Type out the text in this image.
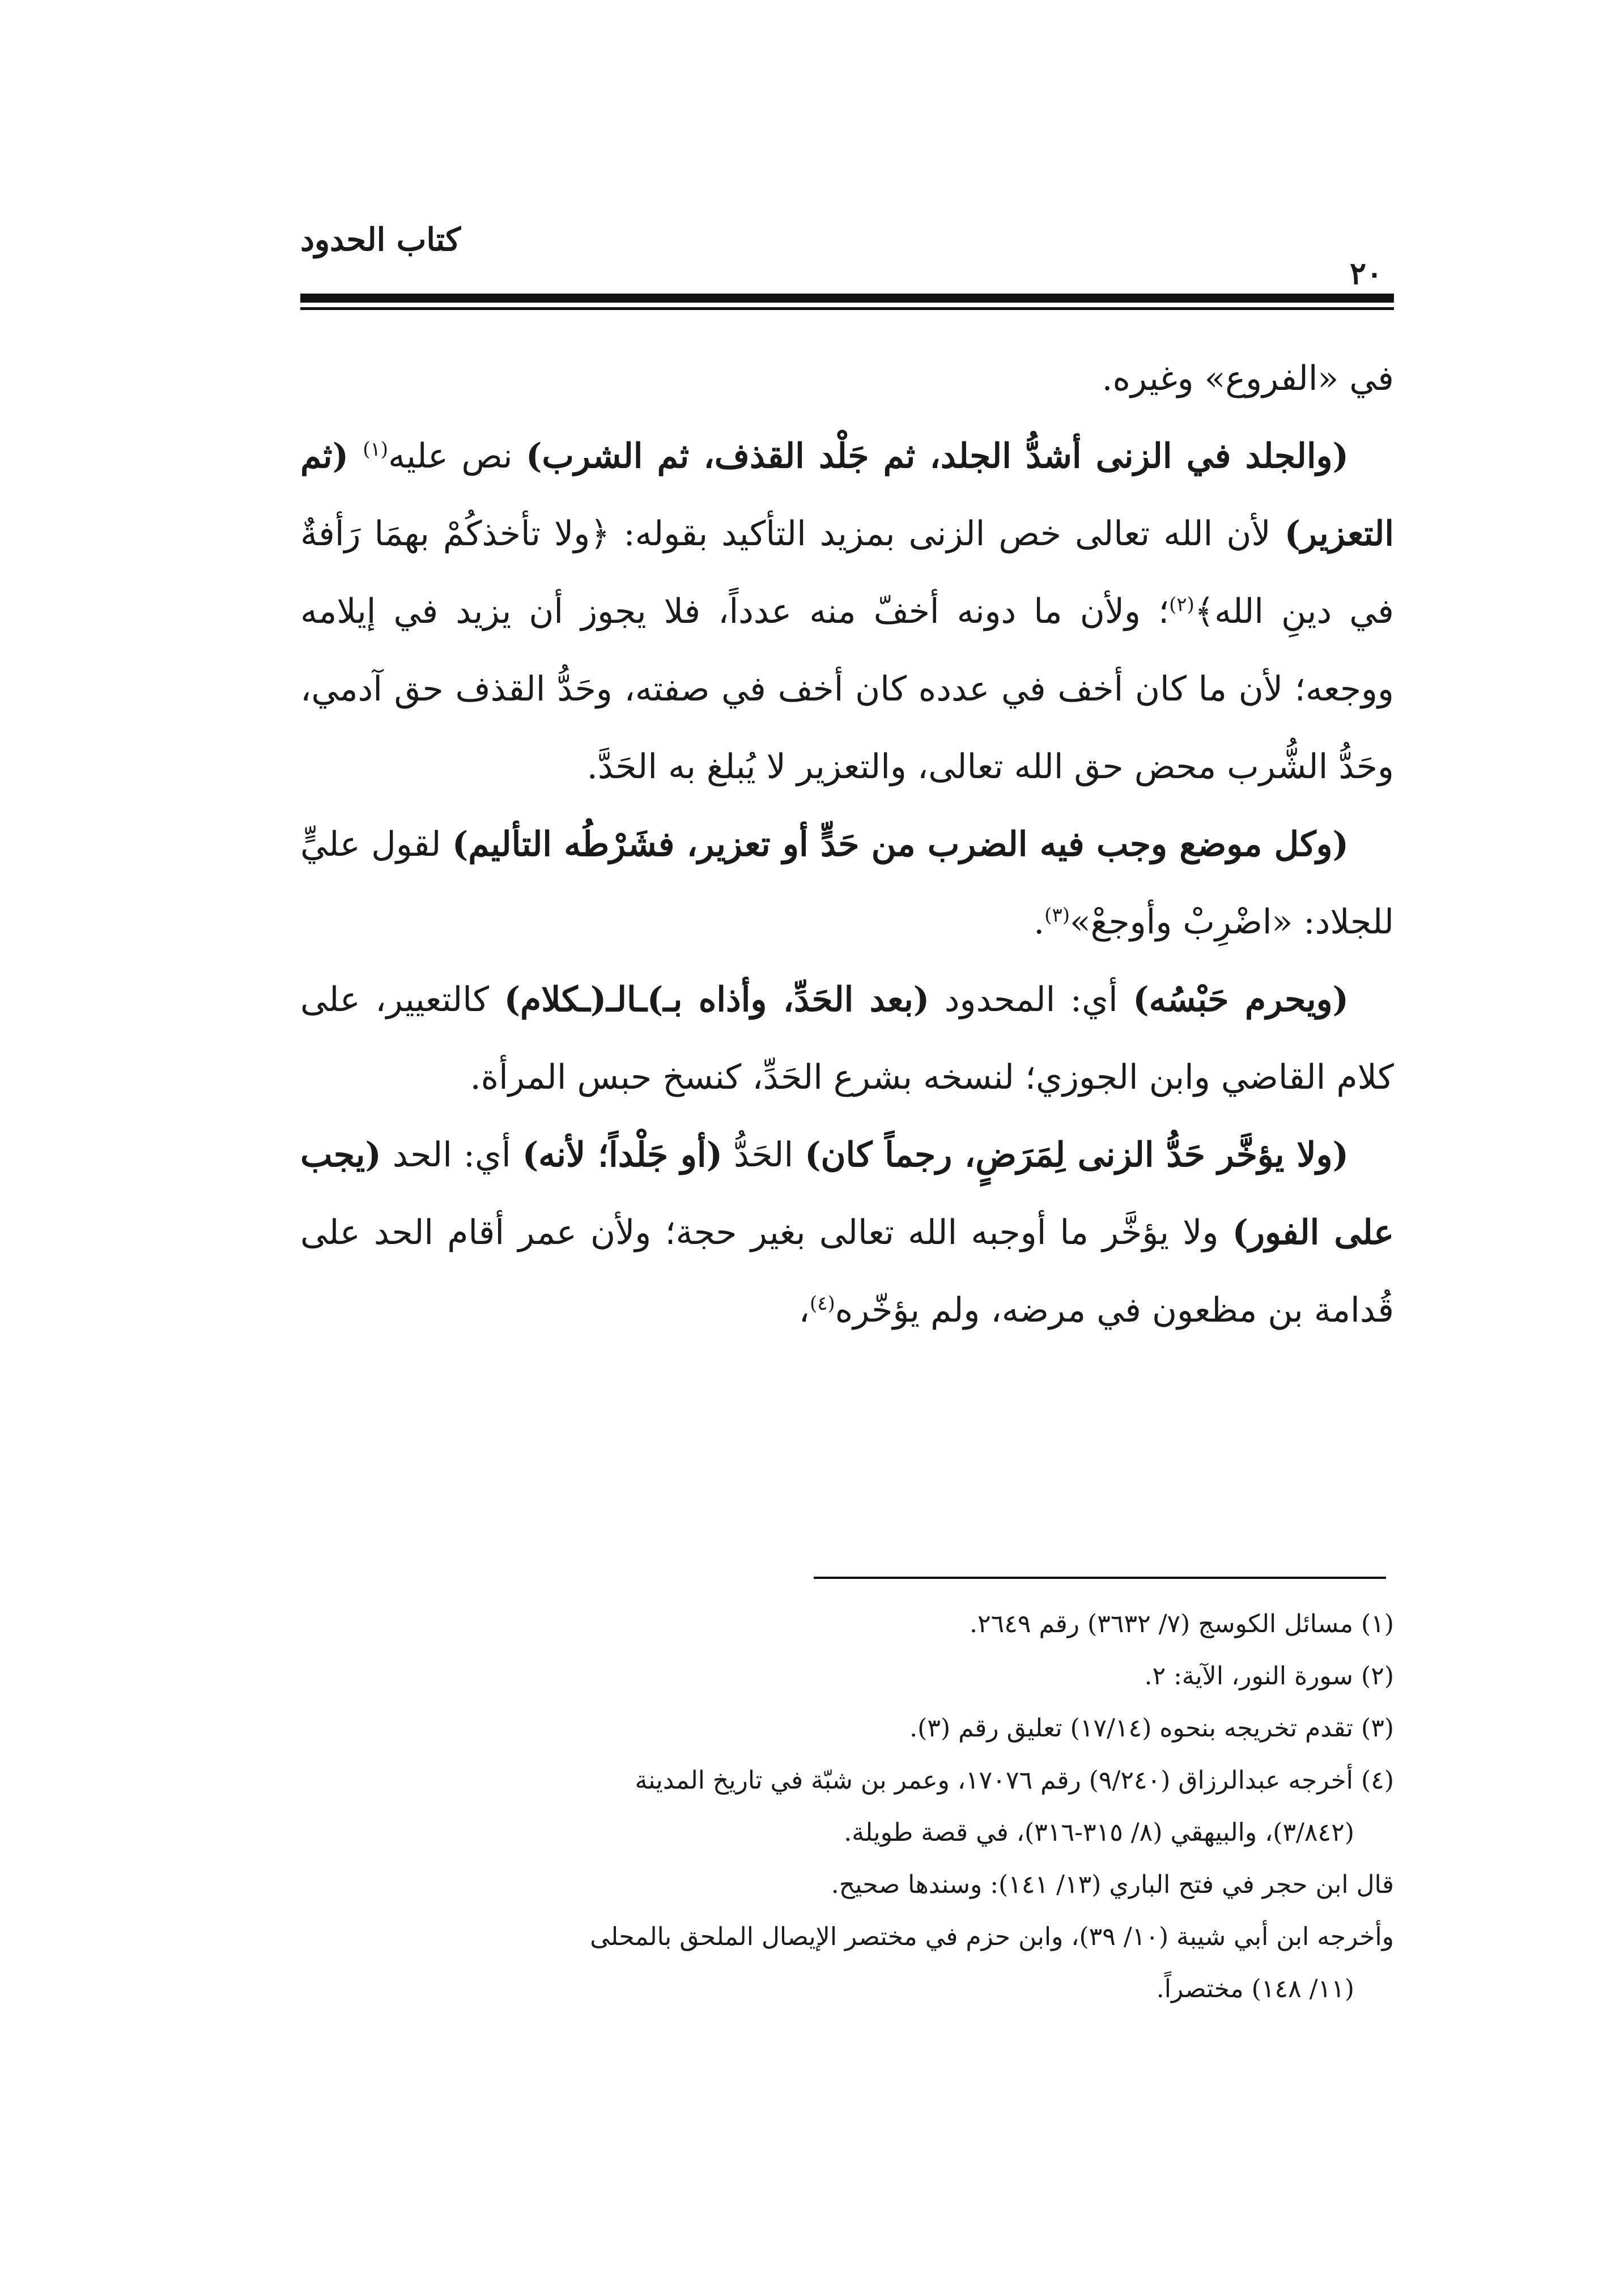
كتاب الحدود
٢٠

في «الفروع» وغيره.

(والجلد في الزنى أشدُّ الجلد، ثم جَلْد القذف، ثم الشرب) نص عليه$^{(١)}$ (ثم التعزير) لأن الله تعالى خص الزنى بمزيد التأكيد بقوله: ﴿ولا تأخذكُمْ بهمَا رَأفةٌ في دينِ الله﴾$^{(٢)}$؛ ولأن ما دونه أخفّ منه عدداً، فلا يجوز أن يزيد في إيلامه ووجعه؛ لأن ما كان أخف في عدده كان أخف في صفته، وحَدُّ القذف حق آدمي، وحَدُّ الشُّرب محض حق الله تعالى، والتعزير لا يُبلغ به الحَدَّ.

(وكل موضع وجب فيه الضرب من حَدٍّ أو تعزير، فشَرْطُه التأليم) لقول عليٍّ للجلاد: «اضْرِبْ وأوجعْ»$^{(٣)}$.

(ويحرم حَبْسُه) أي: المحدود (بعد الحَدِّ، وأذاه بـ)ـالـ(ـكلام) كالتعيير، على كلام القاضي وابن الجوزي؛ لنسخه بشرع الحَدِّ، كنسخ حبس المرأة.

(ولا يؤخَّر حَدُّ الزنى لِمَرَضٍ، رجماً كان) الحَدُّ (أو جَلْداً؛ لأنه) أي: الحد (يجب على الفور) ولا يؤخَّر ما أوجبه الله تعالى بغير حجة؛ ولأن عمر أقام الحد على قُدامة بن مظعون في مرضه، ولم يؤخّره$^{(٤)}$،

(١) مسائل الكوسج (٧/ ٣٦٣٢) رقم ٢٦٤٩.

(٢) سورة النور، الآية: ٢.

(٣) تقدم تخريجه بنحوه (١٧/١٤) تعليق رقم (٣).

(٤) أخرجه عبدالرزاق (٩/٢٤٠) رقم ١٧٠٧٦، وعمر بن شبّة في تاريخ المدينة

(٣/٨٤٢)، والبيهقي (٨/ ٣١٥-٣١٦)، في قصة طويلة.

قال ابن حجر في فتح الباري (١٣/ ١٤١): وسندها صحيح.

وأخرجه ابن أبي شيبة (١٠/ ٣٩)، وابن حزم في مختصر الإيصال الملحق بالمحلى

(١١/ ١٤٨) مختصراً.
